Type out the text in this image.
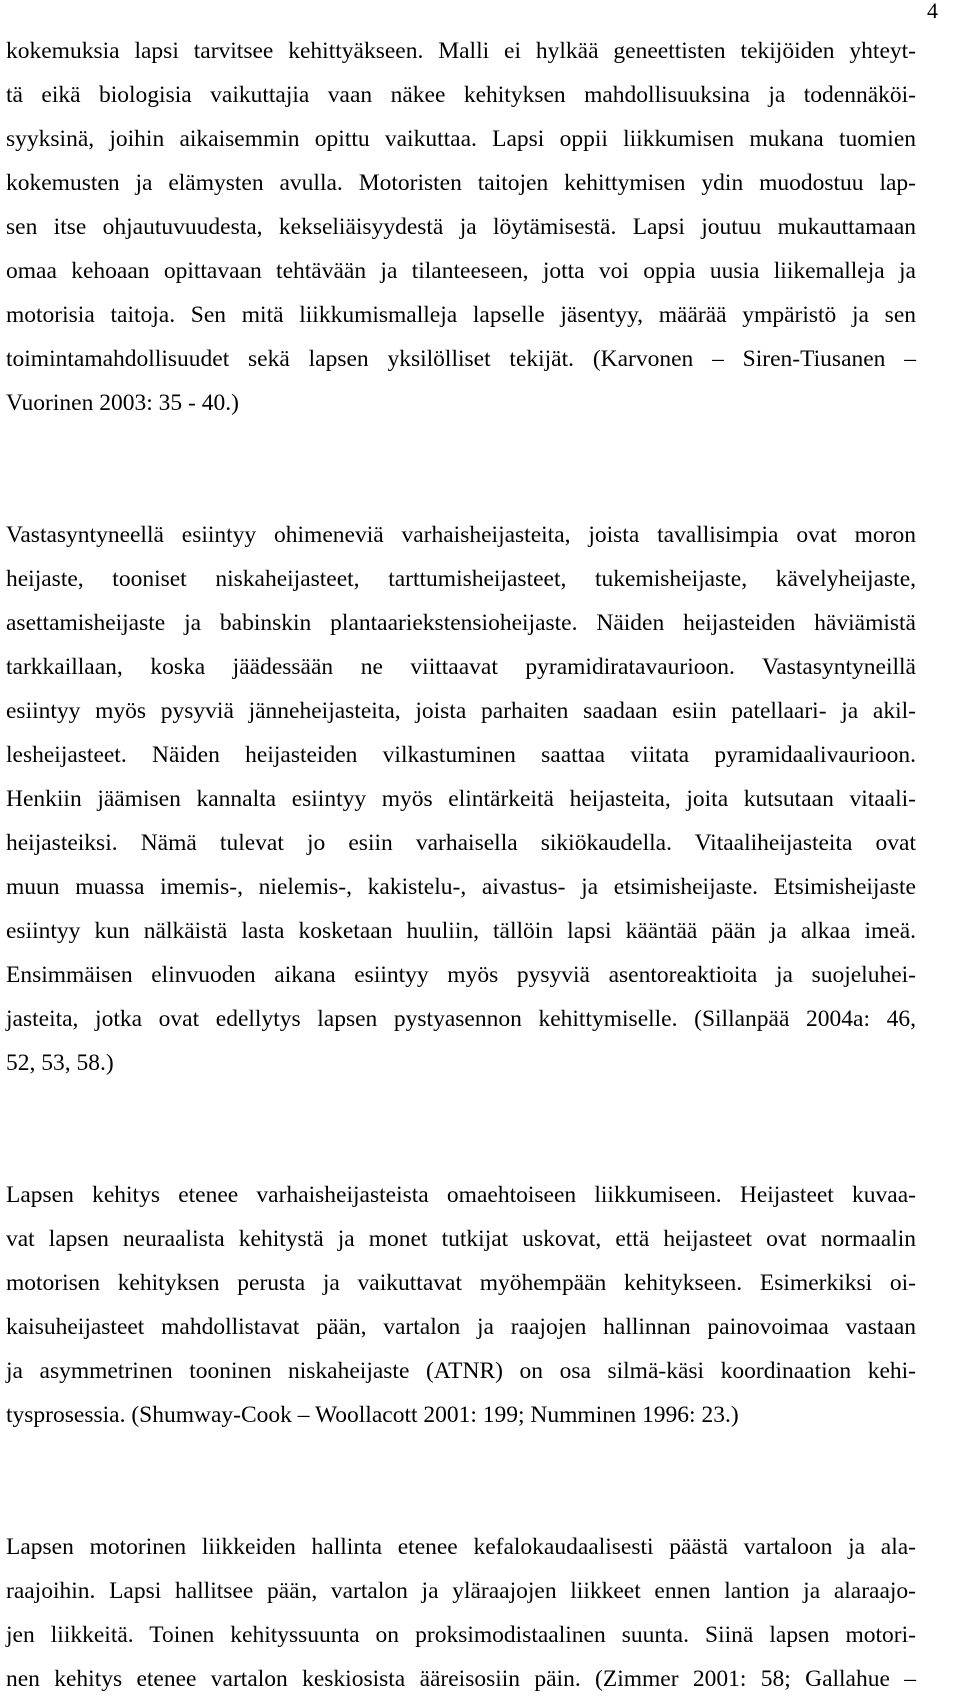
4
kokemuksia lapsi tarvitsee kehittyäkseen. Malli ei hylkää geneettisten tekijöiden yhteyt-
tä eikä biologisia vaikuttajia vaan näkee kehityksen mahdollisuuksina ja todennäköi-
syyksinä, joihin aikaisemmin opittu vaikuttaa. Lapsi oppii liikkumisen mukana tuomien
kokemusten ja elämysten avulla. Motoristen taitojen kehittymisen ydin muodostuu lap-
sen itse ohjautuvuudesta, kekseliäisyydestä ja löytämisestä. Lapsi joutuu mukauttamaan
omaa kehoaan opittavaan tehtävään ja tilanteeseen, jotta voi oppia uusia liikemalleja ja
motorisia taitoja. Sen mitä liikkumismalleja lapselle jäsentyy, määrää ympäristö ja sen
toimintamahdollisuudet sekä lapsen yksilölliset tekijät. (Karvonen – Siren-Tiusanen –
Vuorinen 2003: 35 - 40.)
Vastasyntyneellä esiintyy ohimeneviä varhaisheijasteita, joista tavallisimpia ovat moron
heijaste, tooniset niskaheijasteet, tarttumisheijasteet, tukemisheijaste, kävelyheijaste,
asettamisheijaste ja babinskin plantaariekstensioheijaste. Näiden heijasteiden häviämistä
tarkkaillaan, koska jäädessään ne viittaavat pyramidiratavaurioon. Vastasyntyneillä
esiintyy myös pysyviä jänneheijasteita, joista parhaiten saadaan esiin patellaari- ja akil-
lesheijasteet. Näiden heijasteiden vilkastuminen saattaa viitata pyramidaalivaurioon.
Henkiin jäämisen kannalta esiintyy myös elintärkeitä heijasteita, joita kutsutaan vitaali-
heijasteiksi. Nämä tulevat jo esiin varhaisella sikiökaudella. Vitaaliheijasteita ovat
muun muassa imemis-, nielemis-, kakistelu-, aivastus- ja etsimisheijaste. Etsimisheijaste
esiintyy kun nälkäistä lasta kosketaan huuliin, tällöin lapsi kääntää pään ja alkaa imeä.
Ensimmäisen elinvuoden aikana esiintyy myös pysyviä asentoreaktioita ja suojeluhei-
jasteita, jotka ovat edellytys lapsen pystyasennon kehittymiselle. (Sillanpää 2004a: 46,
52, 53, 58.)
Lapsen kehitys etenee varhaisheijasteista omaehtoiseen liikkumiseen. Heijasteet kuvaa-
vat lapsen neuraalista kehitystä ja monet tutkijat uskovat, että heijasteet ovat normaalin
motorisen kehityksen perusta ja vaikuttavat myöhempään kehitykseen. Esimerkiksi oi-
kaisuheijasteet mahdollistavat pään, vartalon ja raajojen hallinnan painovoimaa vastaan
ja asymmetrinen tooninen niskaheijaste (ATNR) on osa silmä-käsi koordinaation kehi-
tysprosessia. (Shumway-Cook – Woollacott 2001: 199; Numminen 1996: 23.)
Lapsen motorinen liikkeiden hallinta etenee kefalokaudaalisesti päästä vartaloon ja ala-
raajoihin. Lapsi hallitsee pään, vartalon ja yläraajojen liikkeet ennen lantion ja alaraajo-
jen liikkeitä. Toinen kehityssuunta on proksimodistaalinen suunta. Siinä lapsen motori-
nen kehitys etenee vartalon keskiosista ääreisosiin päin. (Zimmer 2001: 58; Gallahue –
